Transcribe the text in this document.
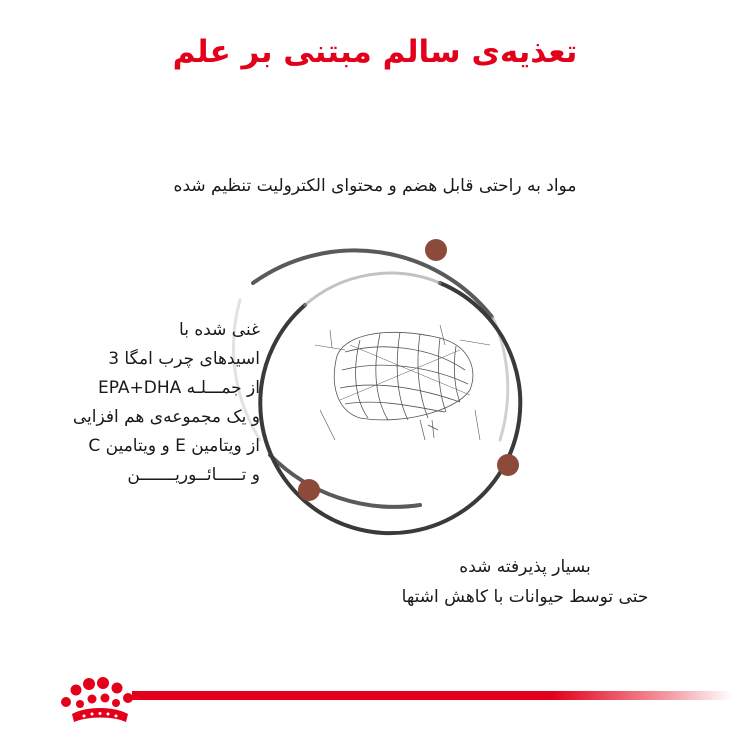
تعذیه‌ی سالم مبتنی بر علم
مواد به راحتی قابل هضم و محتوای الکترولیت تنظیم شده
غنی شده با
اسیدهای چرب امگا 3
از جمـــلـه EPA+DHA
و یک مجموعه‌ی هم افزایی
از ویتامین E و ویتامین C
و تـــــائــوریـــــــن
بسیار پذیرفته شده
حتی توسط حیوانات با کاهش اشتها
